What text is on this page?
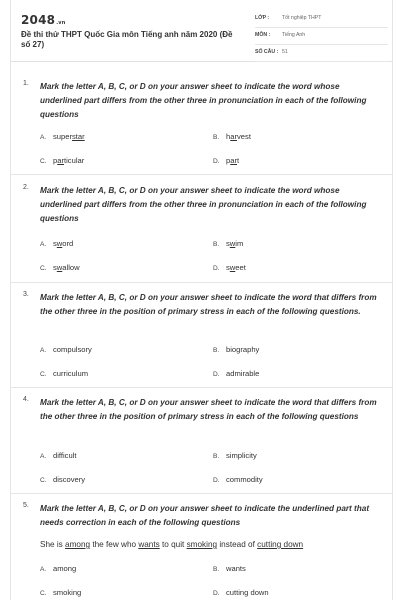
2048.vn
Đề thi thử THPT Quốc Gia môn Tiếng anh năm 2020 (Đề số 27)
LỚP : Tốt nghiệp THPT
MÔN : Tiếng Anh
SỐ CÂU : 51
1. Mark the letter A, B, C, or D on your answer sheet to indicate the word whose underlined part differs from the other three in pronunciation in each of the following questions
A. superstar	B. harvest
C. particular	D. part
2. Mark the letter A, B, C, or D on your answer sheet to indicate the word whose underlined part differs from the other three in pronunciation in each of the following questions
A. sword	B. swim
C. swallow	D. sweet
3. Mark the letter A, B, C, or D on your answer sheet to indicate the word that differs from the other three in the position of primary stress in each of the following questions.
A. compulsory	B. biography
C. curriculum	D. admirable
4. Mark the letter A, B, C, or D on your answer sheet to indicate the word that differs from the other three in the position of primary stress in each of the following questions
A. difficult	B. simplicity
C. discovery	D. commodity
5. Mark the letter A, B, C, or D on your answer sheet to indicate the underlined part that needs correction in each of the following questions
She is among the few who wants to quit smoking instead of cutting down
A. among	B. wants
C. smoking	D. cutting down
